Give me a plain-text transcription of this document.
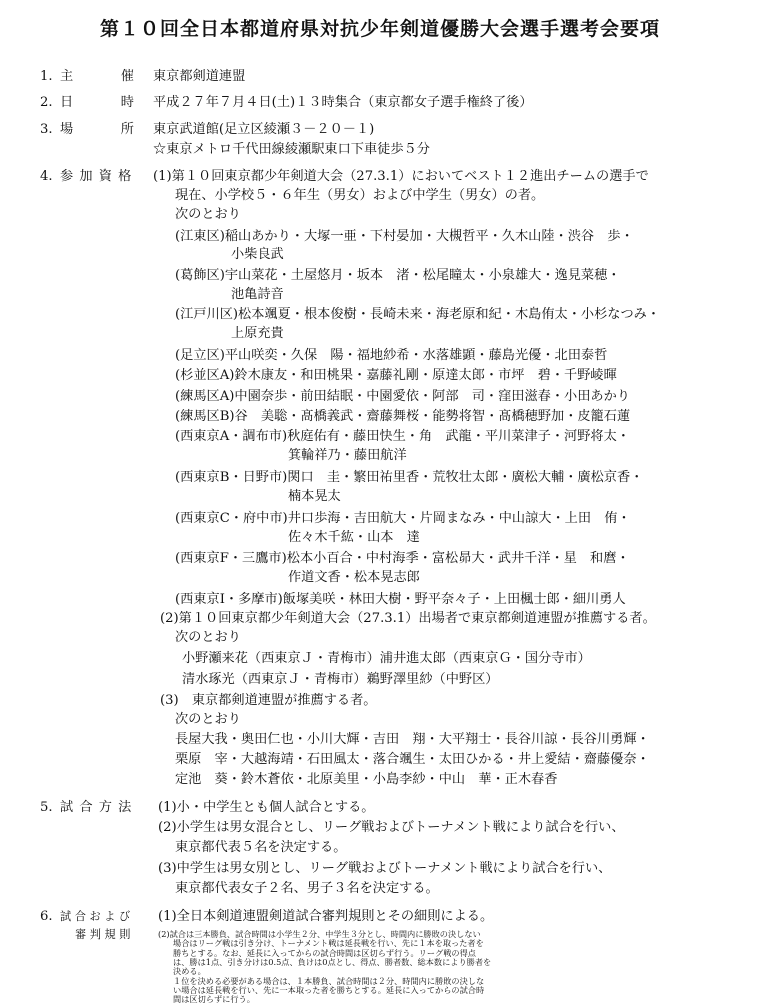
第１０回全日本都道府県対抗少年剣道優勝大会選手選考会要項
1. 主　　　催 東京都剣道連盟
2. 日　　　時 平成２７年７月４日(土)１３時集合（東京都女子選手権終了後）
3. 場　　　所 東京武道館(足立区綾瀬３－２０－１)
☆東京メトロ千代田線綾瀬駅東口下車徒歩５分
4. 参 加 資 格 (1)第１０回東京都少年剣道大会（27.3.1）においてベスト１２進出チームの選手で
現在、小学校５・６年生（男女）および中学生（男女）の者。
次のとおり
(江東区)稲山あかり・大塚一亜・下村晏加・大槻哲平・久木山陸・渋谷　歩・
小柴良武
(葛飾区)宇山菜花・土屋悠月・坂本　渚・松尾瞳太・小泉雄大・逸見菜穂・
池亀詩音
(江戸川区)松本颯夏・根本俊樹・長崎未来・海老原和紀・木島侑太・小杉なつみ・
上原充貴
(足立区)平山咲奕・久保　陽・福地紗希・水落雄顕・藤島光優・北田泰哲
(杉並区A)鈴木康友・和田桃果・嘉藤礼剛・原達太郎・市坪　碧・千野崚暉
(練馬区A)中園奈歩・前田結眠・中園愛依・阿部　司・窪田滋春・小田あかり
(練馬区B)谷　美聡・髙橋義武・齋藤舞桜・能勢将智・髙橋穂野加・皮籠石蓮
(西東京A・調布市)秋庭佑有・藤田快生・角　武龍・平川菜津子・河野将太・
箕輪祥乃・藤田航洋
(西東京B・日野市)関口　圭・繁田祐里香・荒牧壮太郎・廣松大輔・廣松京香・
楠本晃太
(西東京C・府中市)井口歩海・吉田航大・片岡まなみ・中山諒大・上田　侑・
佐々木千紘・山本　達
(西東京F・三鷹市)松本小百合・中村海季・富松昴大・武井千洋・星　和麿・
作道文香・松本晃志郎
(西東京I・多摩市)飯塚美咲・林田大樹・野平奈々子・上田楓士郎・細川勇人
(2)第１０回東京都少年剣道大会（27.3.1）出場者で東京都剣道連盟が推薦する者。
次のとおり
小野瀬来花（西東京Ｊ・青梅市）浦井進太郎（西東京Ｇ・国分寺市）
清水琢光（西東京Ｊ・青梅市）鵜野澤里紗（中野区）
(3)　東京都剣道連盟が推薦する者。
次のとおり
長屋大我・奥田仁也・小川大輝・吉田　翔・大平翔士・長谷川諒・長谷川勇輝・
栗原　宰・大越海靖・石田風太・落合颯生・太田ひかる・井上愛結・齋藤優奈・
定池　葵・鈴木蒼依・北原美里・小島李紗・中山　華・正木春香
5. 試 合 方 法 (1)小・中学生とも個人試合とする。
(2)小学生は男女混合とし、リーグ戦およびトーナメント戦により試合を行い、
東京都代表５名を決定する。
(3)中学生は男女別とし、リーグ戦およびトーナメント戦により試合を行い、
東京都代表女子２名、男子３名を決定する。
6. 試 合 お よ び
審 判 規 則
(1)全日本剣道連盟剣道試合審判規則とその細則による。
(2)試合は三本勝負、試合時間は小学生２分、中学生３分とし、時間内に勝敗の決しない
場合はリーグ戦は引き分け、トーナメント戦は延長戦を行い、先に１本を取った者を
勝ちとする。なお、延長に入ってからの試合時間は区切らず行う。リーグ戦の得点
は、勝は1点、引き分けは0.5点、負けは0点とし、得点、勝者数、総本数により勝者を
決める。
１位を決める必要がある場合は、１本勝負、試合時間は２分、時間内に勝敗の決しな
い場合は延長戦を行い、先に一本取った者を勝ちとする。延長に入ってからの試合時
間は区切らずに行う。
